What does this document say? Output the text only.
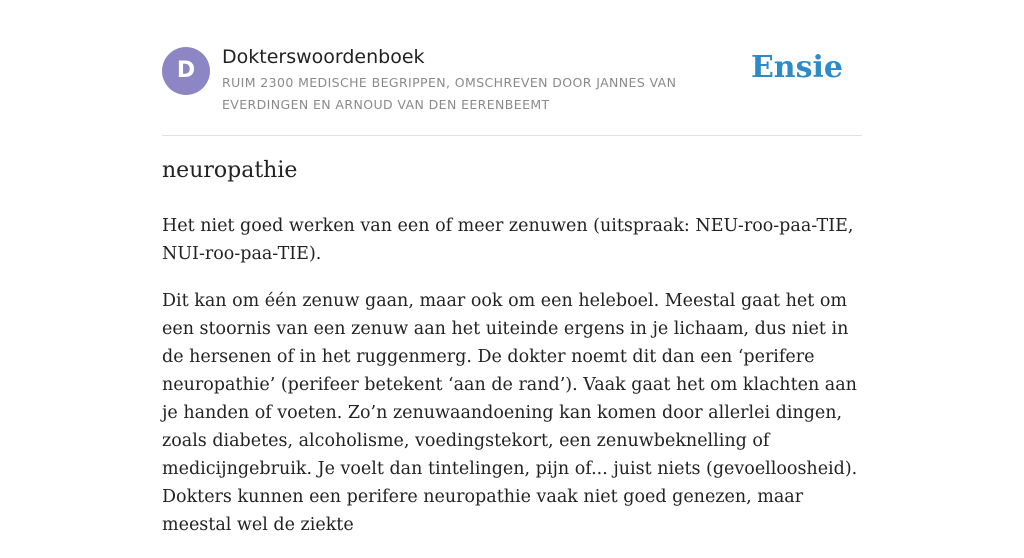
D
Dokterswoordenboek
RUIM 2300 MEDISCHE BEGRIPPEN, OMSCHREVEN DOOR JANNES VAN EVERDINGEN EN ARNOUD VAN DEN EERENBEEMT
Ensie
neuropathie

Het niet goed werken van een of meer zenuwen (uitspraak: NEU-roo-paa-TIE, NUI-roo-paa-TIE).

Dit kan om één zenuw gaan, maar ook om een heleboel. Meestal gaat het om een stoornis van een zenuw aan het uiteinde ergens in je lichaam, dus niet in de hersenen of in het ruggenmerg. De dokter noemt dit dan een ‘perifere neuropathie’ (perifeer betekent ‘aan de rand’). Vaak gaat het om klachten aan je handen of voeten. Zo’n zenuwaandoening kan komen door allerlei dingen, zoals diabetes, alcoholisme, voedingstekort, een zenuwbeknelling of medicijngebruik. Je voelt dan tintelingen, pijn of... juist niets (gevoelloosheid). Dokters kunnen een perifere neuropathie vaak niet goed genezen, maar meestal wel de ziekte
